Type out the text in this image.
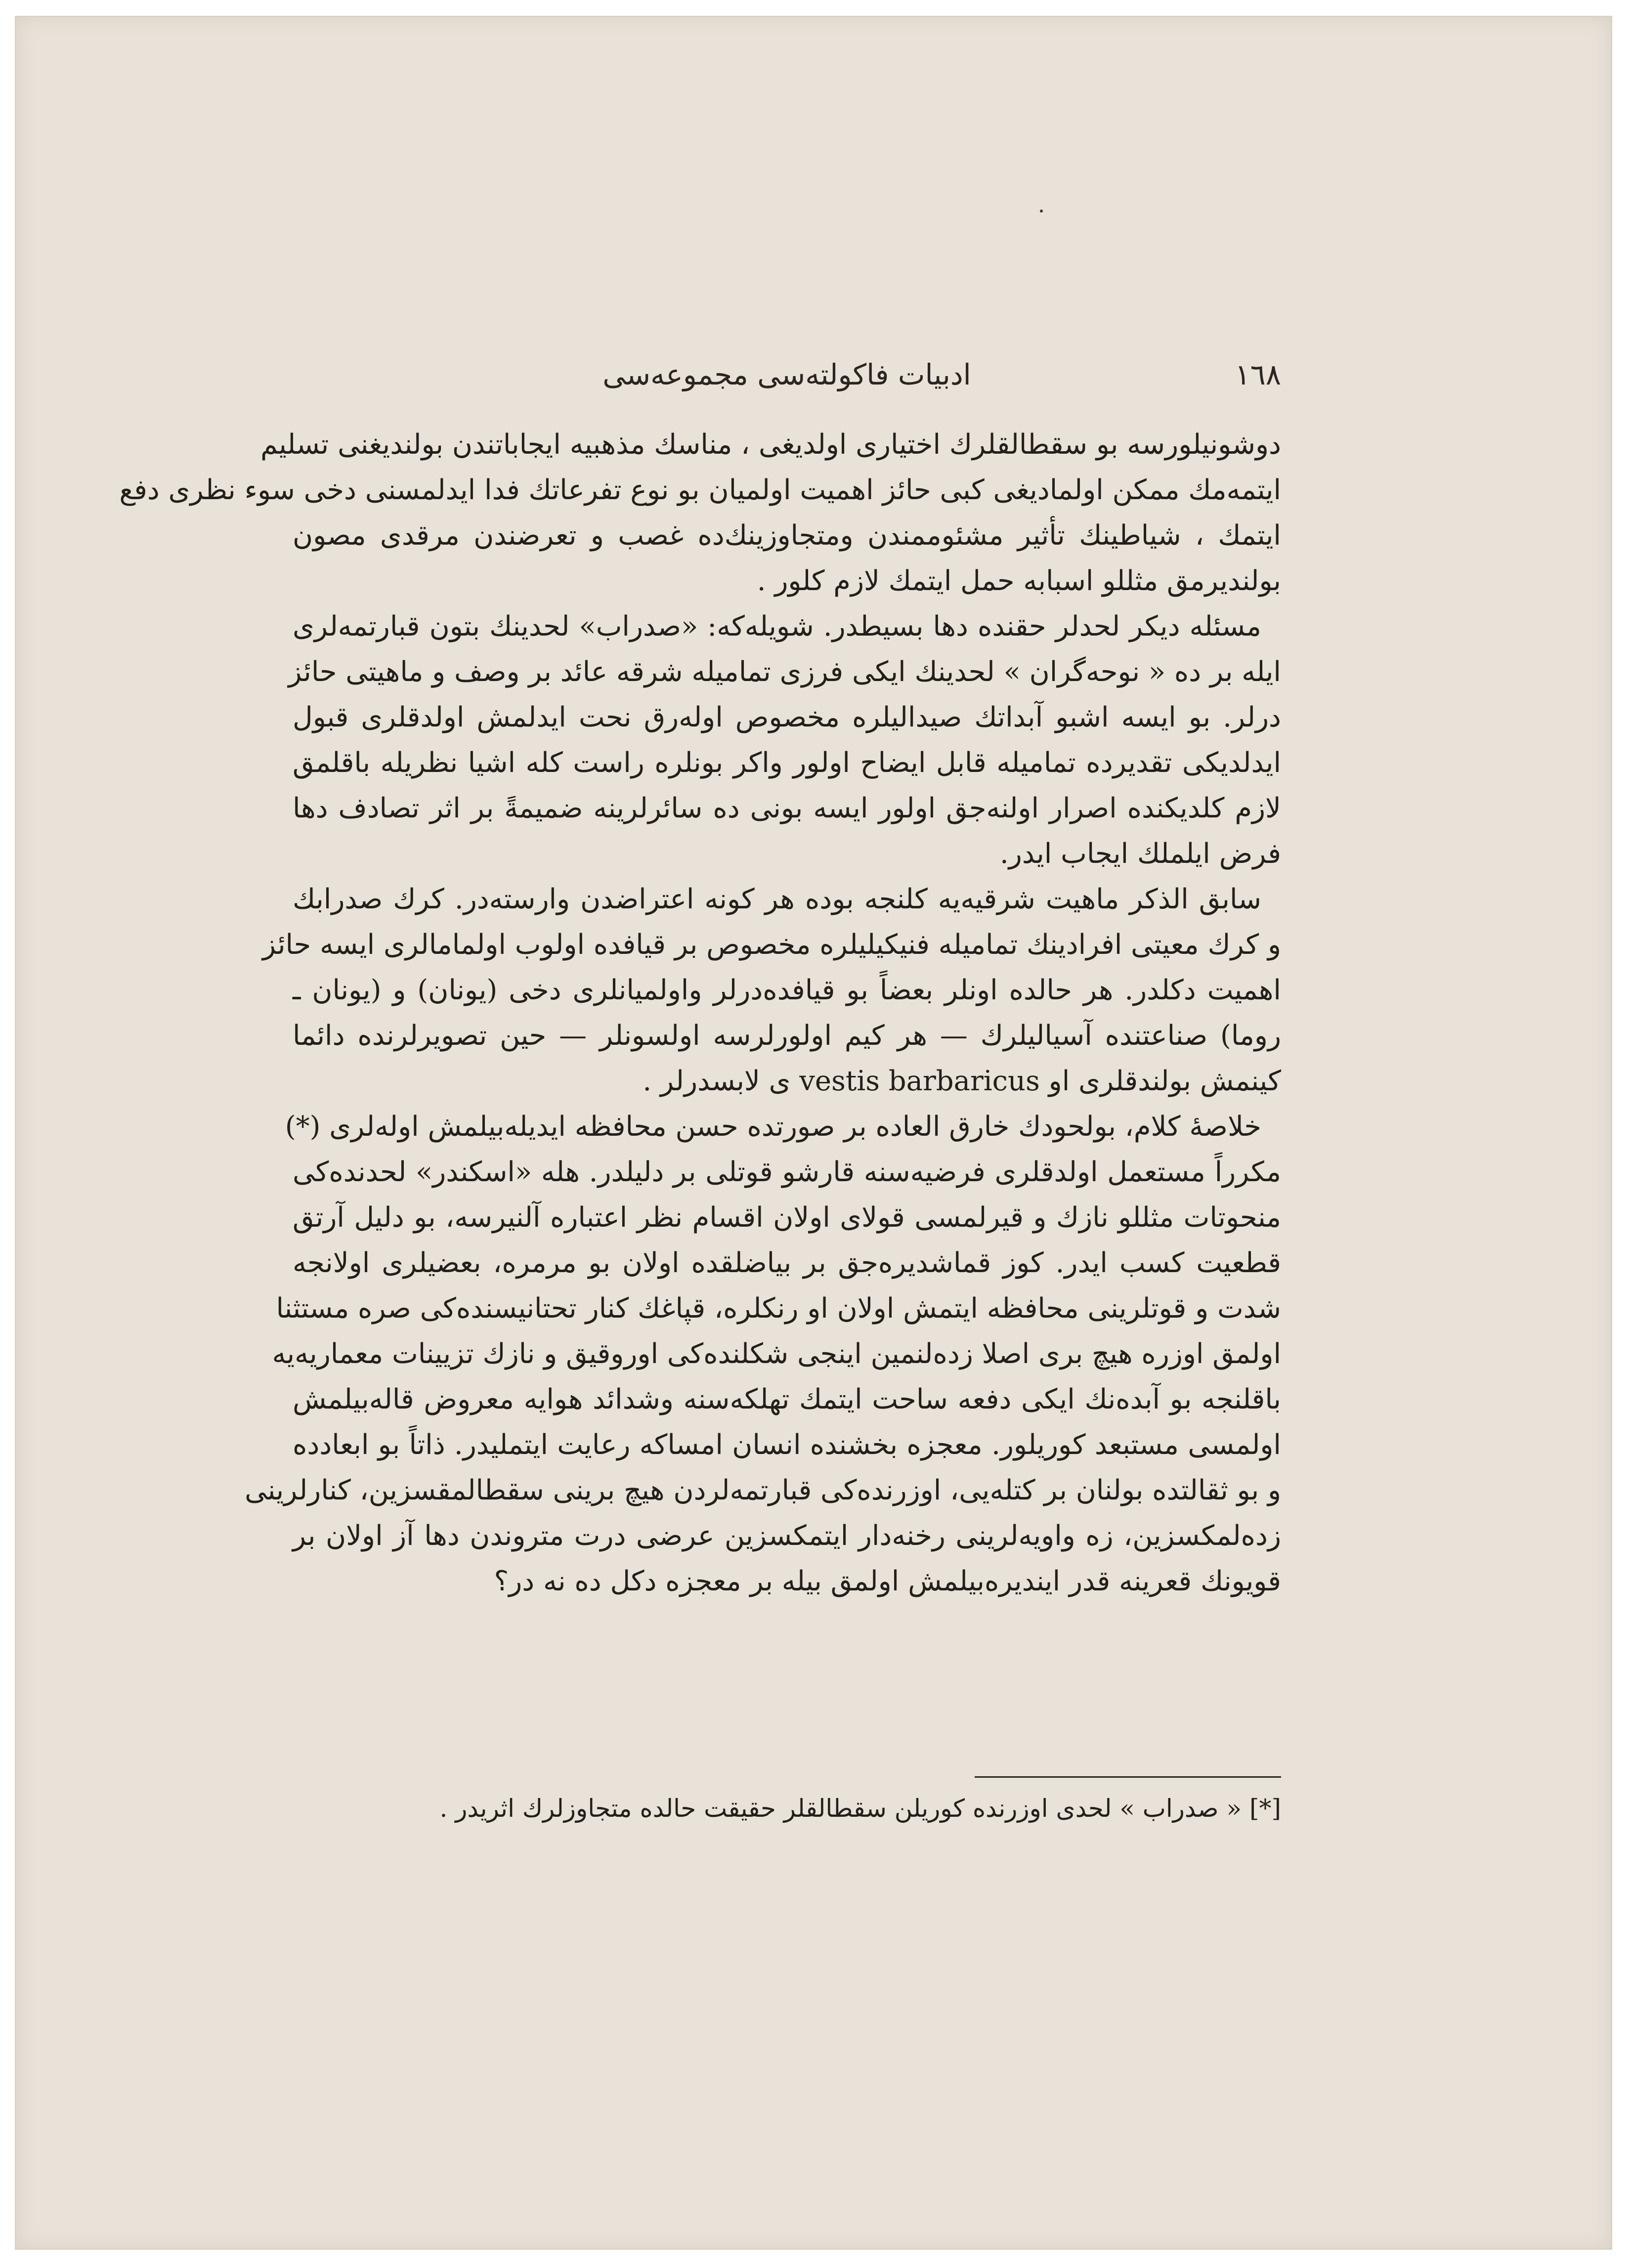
١٦٨
ادبیات فاکولته‌سی مجموعه‌سی
دوشونیلورسه بو سقطالقلرك اختیاری اولدیغی ، مناسك مذهبیه ایجاباتندن بولندیغنی تسلیم
ایتمه‌مك ممكن اولمادیغی كبی حائز اهمیت اولمیان بو نوع تفرعاتك فدا ایدلمسنی دخی سوء نظری دفع
ایتمك ، شیاطینك تأثیر مشئوممندن ومتجاوزینك‌ده غصب و تعرضندن مرقدی مصون
بولندیرمق مثللو اسبابه حمل ایتمك لازم كلور .
مسئله دیكر لحدلر حقنده دها بسیطدر. شویله‌كه: «صدراب» لحدینك بتون قبارتمه‌لری
ایله بر ده « نوحه‌گران » لحدینك ایكی فرزی تماميله شرقه عائد بر وصف و ماهیتی حائز
درلر. بو ایسه اشبو آبداتك صیدالیلره مخصوص اوله‌رق نحت ایدلمش اولدقلری قبول
ایدلدیكی تقدیرده تماميله قابل ایضاح اولور واكر بونلره راست كله اشیا نظریله باقلمق
لازم كلدیكنده اصرار اولنه‌جق اولور ایسه بونی ده سائرلرینه ضمیمةً بر اثر تصادف دها
فرض ایلملك ایجاب ایدر.
سابق الذكر ماهیت شرقیه‌یه كلنجه بوده هر كونه اعتراضدن وارسته‌در. كرك صدرابك
و كرك معیتی افرادینك تماميله فنیكیلیلره مخصوص بر قیافده اولوب اولمامالری ایسه حائز
اهمیت دكلدر. هر حالده اونلر بعضاً بو قیافده‌درلر واولمیانلری دخی (یونان) و (یونان ـ
روما) صناعتنده آسیالیلرك — هر كیم اولورلرسه اولسونلر — حین تصویرلرنده دائما
كینمش بولندقلری او vestis barbaricus ی لابسدرلر .
خلاصهٔ كلام، بولحودك خارق العاده بر صورتده حسن محافظه ایدیله‌بیلمش اوله‌لری (*)
مكرراً مستعمل اولدقلری فرضیه‌سنه قارشو قوتلی بر دلیلدر. هله «اسكندر» لحدنده‌كی
منحوتات مثللو نازك و قیرلمسی قولای اولان اقسام نظر اعتباره آلنیرسه، بو دلیل آرتق
قطعیت كسب ایدر. كوز قماشدیره‌جق بر بیاضلقده اولان بو مرمره، بعضیلری اولانجه
شدت و قوتلرینی محافظه ایتمش اولان او رنكلره، قپاغك كنار تحتانیسنده‌كی صره مستثنا
اولمق اوزره هیچ بری اصلا زده‌لنمین اینجی شكلنده‌كی اوروقیق و نازك تزیینات معماریه‌یه
باقلنجه بو آبده‌نك ایكی دفعه ساحت ایتمك تهلكه‌سنه وشدائد هوایه معروض قاله‌بیلمش
اولمسی مستبعد كوریلور. معجزه بخشنده انسان امساكه رعایت ایتملیدر. ذاتاً بو ابعادده
و بو ثقالتده بولنان بر كتله‌یی، اوزرنده‌كی قبارتمه‌لردن هیچ برینی سقطالمقسزین، كنارلرینی
زده‌لمكسزین، زه واویه‌لرینی رخنه‌دار ایتمكسزین عرضی درت متروندن دها آز اولان بر
قویونك قعرینه قدر ایندیره‌بیلمش اولمق بیله بر معجزه دكل ده نه در؟
[*] « صدراب » لحدی اوزرنده كوریلن سقطالقلر حقیقت حالده متجاوزلرك اثریدر .
